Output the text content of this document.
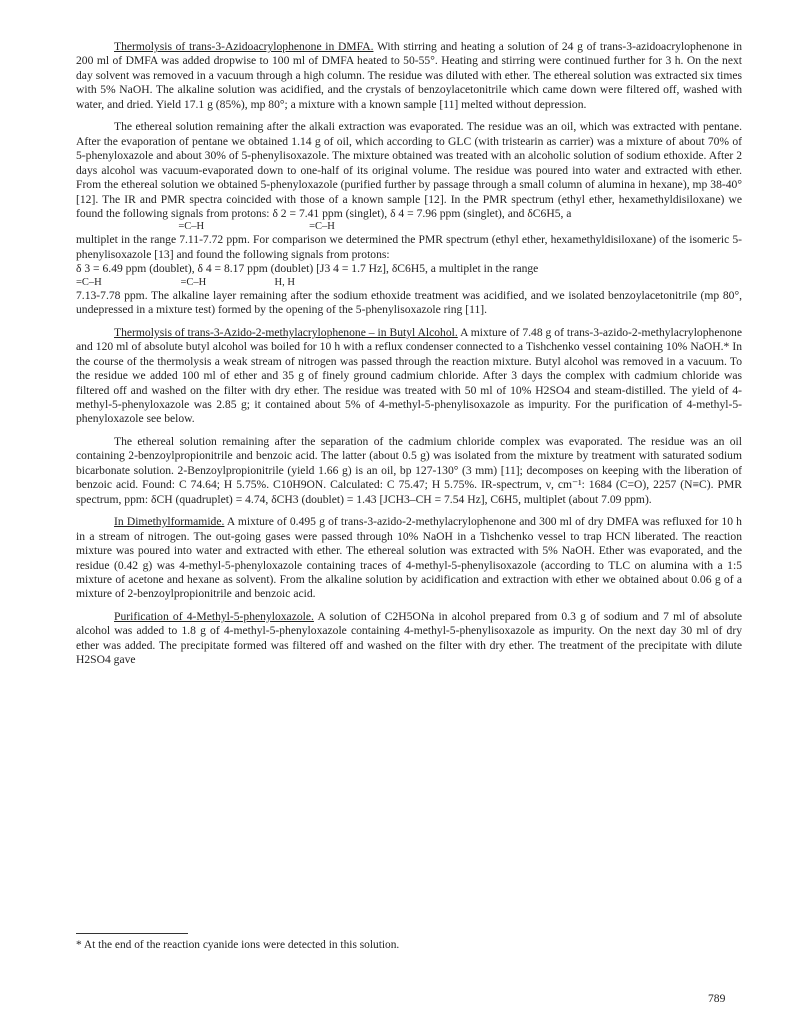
Thermolysis of trans-3-Azidoacrylophenone in DMFA. With stirring and heating a solution of 24 g of trans-3-azidoacrylophenone in 200 ml of DMFA was added dropwise to 100 ml of DMFA heated to 50-55°. Heating and stirring were continued further for 3 h. On the next day solvent was removed in a vacuum through a high column. The residue was diluted with ether. The ethereal solution was extracted six times with 5% NaOH. The alkaline solution was acidified, and the crystals of benzoylacetonitrile which came down were filtered off, washed with water, and dried. Yield 17.1 g (85%), mp 80°; a mixture with a known sample [11] melted without depression.

The ethereal solution remaining after the alkali extraction was evaporated. The residue was an oil, which was extracted with pentane. After the evaporation of pentane we obtained 1.14 g of oil, which according to GLC (with tristearin as carrier) was a mixture of about 70% of 5-phenyloxazole and about 30% of 5-phenylisoxazole. The mixture obtained was treated with an alcoholic solution of sodium ethoxide. After 2 days alcohol was vacuum-evaporated down to one-half of its original volume. The residue was poured into water and extracted with ether. From the ethereal solution we obtained 5-phenyloxazole (purified further by passage through a small column of alumina in hexane), mp 38-40° [12]. The IR and PMR spectra coincided with those of a known sample [12]. In the PMR spectrum (ethyl ether, hexamethyldisiloxane) we found the following signals from protons: δ 2 = 7.41 ppm (singlet), δ 4 = 7.96 ppm (singlet), and δC6H5, a

=C–H                                        =C–H

multiplet in the range 7.11-7.72 ppm. For comparison we determined the PMR spectrum (ethyl ether, hexamethyldisiloxane) of the isomeric 5-phenylisoxazole [13] and found the following signals from protons:

δ 3 = 6.49 ppm (doublet), δ 4 = 8.17 ppm (doublet) [J3 4 = 1.7 Hz], δC6H5, a multiplet in the range

=C–H                              =C–H                          H, H

7.13-7.78 ppm. The alkaline layer remaining after the sodium ethoxide treatment was acidified, and we isolated benzoylacetonitrile (mp 80°, undepressed in a mixture test) formed by the opening of the 5-phenylisoxazole ring [11].

Thermolysis of trans-3-Azido-2-methylacrylophenone – in Butyl Alcohol. A mixture of 7.48 g of trans-3-azido-2-methylacrylophenone and 120 ml of absolute butyl alcohol was boiled for 10 h with a reflux condenser connected to a Tishchenko vessel containing 10% NaOH.* In the course of the thermolysis a weak stream of nitrogen was passed through the reaction mixture. Butyl alcohol was removed in a vacuum. To the residue we added 100 ml of ether and 35 g of finely ground cadmium chloride. After 3 days the complex with cadmium chloride was filtered off and washed on the filter with dry ether. The residue was treated with 50 ml of 10% H2SO4 and steam-distilled. The yield of 4-methyl-5-phenyloxazole was 2.85 g; it contained about 5% of 4-methyl-5-phenylisoxazole as impurity. For the purification of 4-methyl-5-phenyloxazole see below.

The ethereal solution remaining after the separation of the cadmium chloride complex was evaporated. The residue was an oil containing 2-benzoylpropionitrile and benzoic acid. The latter (about 0.5 g) was isolated from the mixture by treatment with saturated sodium bicarbonate solution. 2-Benzoylpropionitrile (yield 1.66 g) is an oil, bp 127-130° (3 mm) [11]; decomposes on keeping with the liberation of benzoic acid. Found: C 74.64; H 5.75%. C10H9ON. Calculated: C 75.47; H 5.75%. IR-spectrum, ν, cm⁻¹: 1684 (C=O), 2257 (N≡C). PMR spectrum, ppm: δCH (quadruplet) = 4.74, δCH3 (doublet) = 1.43 [JCH3–CH = 7.54 Hz], C6H5, multiplet (about 7.09 ppm).

In Dimethylformamide. A mixture of 0.495 g of trans-3-azido-2-methylacrylophenone and 300 ml of dry DMFA was refluxed for 10 h in a stream of nitrogen. The out-going gases were passed through 10% NaOH in a Tishchenko vessel to trap HCN liberated. The reaction mixture was poured into water and extracted with ether. The ethereal solution was extracted with 5% NaOH. Ether was evaporated, and the residue (0.42 g) was 4-methyl-5-phenyloxazole containing traces of 4-methyl-5-phenylisoxazole (according to TLC on alumina with a 1:5 mixture of acetone and hexane as solvent). From the alkaline solution by acidification and extraction with ether we obtained about 0.06 g of a mixture of 2-benzoylpropionitrile and benzoic acid.

Purification of 4-Methyl-5-phenyloxazole. A solution of C2H5ONa in alcohol prepared from 0.3 g of sodium and 7 ml of absolute alcohol was added to 1.8 g of 4-methyl-5-phenyloxazole containing 4-methyl-5-phenylisoxazole as impurity. On the next day 30 ml of dry ether was added. The precipitate formed was filtered off and washed on the filter with dry ether. The treatment of the precipitate with dilute H2SO4 gave

* At the end of the reaction cyanide ions were detected in this solution.
789
